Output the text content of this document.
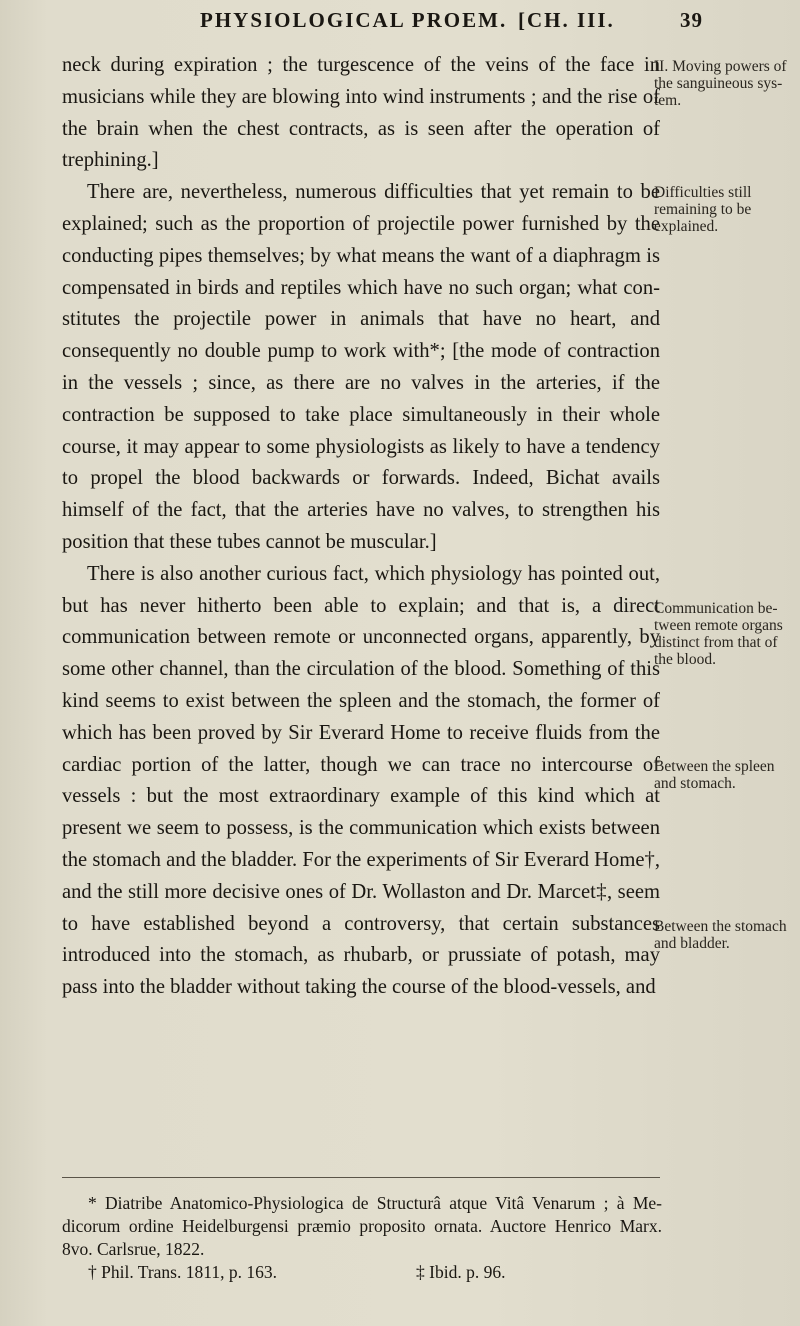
PHYSIOLOGICAL PROEM. [CH. III.	39

neck during expiration ; the turgescence of the veins of the face in musicians while they are blowing into wind instruments ; and the rise of the brain when the chest contracts, as is seen after the operation of trephining.]

There are, nevertheless, numerous difficulties that yet remain to be explained; such as the proportion of projectile power furnished by the conducting pipes themselves; by what means the want of a diaphragm is compensated in birds and reptiles which have no such organ; what constitutes the projectile power in animals that have no heart, and consequently no double pump to work with*; [the mode of contraction in the vessels ; since, as there are no valves in the arteries, if the contraction be supposed to take place simultaneously in their whole course, it may appear to some physiologists as likely to have a tendency to propel the blood backwards or forwards. Indeed, Bichat avails himself of the fact, that the arteries have no valves, to strengthen his position that these tubes cannot be muscular.]

There is also another curious fact, which physiology has pointed out, but has never hitherto been able to explain; and that is, a direct communication between remote or unconnected organs, apparently, by some other channel, than the circulation of the blood. Something of this kind seems to exist between the spleen and the stomach, the former of which has been proved by Sir Everard Home to receive fluids from the cardiac portion of the latter, though we can trace no intercourse of vessels : but the most extraordinary example of this kind which at present we seem to possess, is the communication which exists between the stomach and the bladder. For the experiments of Sir Everard Home†, and the still more decisive ones of Dr. Wollaston and Dr. Marcet‡, seem to have established beyond a controversy, that certain substances introduced into the stomach, as rhubarb, or prussiate of potash, may pass into the bladder without taking the course of the blood-vessels, and

II. Moving powers of the sanguineous system.
Difficulties still remaining to be explained.
Communication between remote organs distinct from that of the blood.
Between the spleen and stomach.
Between the stomach and bladder.

* Diatribe Anatomico-Physiologica de Structurâ atque Vitâ Venarum ; à Medicorum ordine Heidelburgensi præmio proposito ornata. Auctore Henrico Marx. 8vo. Carlsrue, 1822.

† Phil. Trans. 1811, p. 163.	‡ Ibid. p. 96.
